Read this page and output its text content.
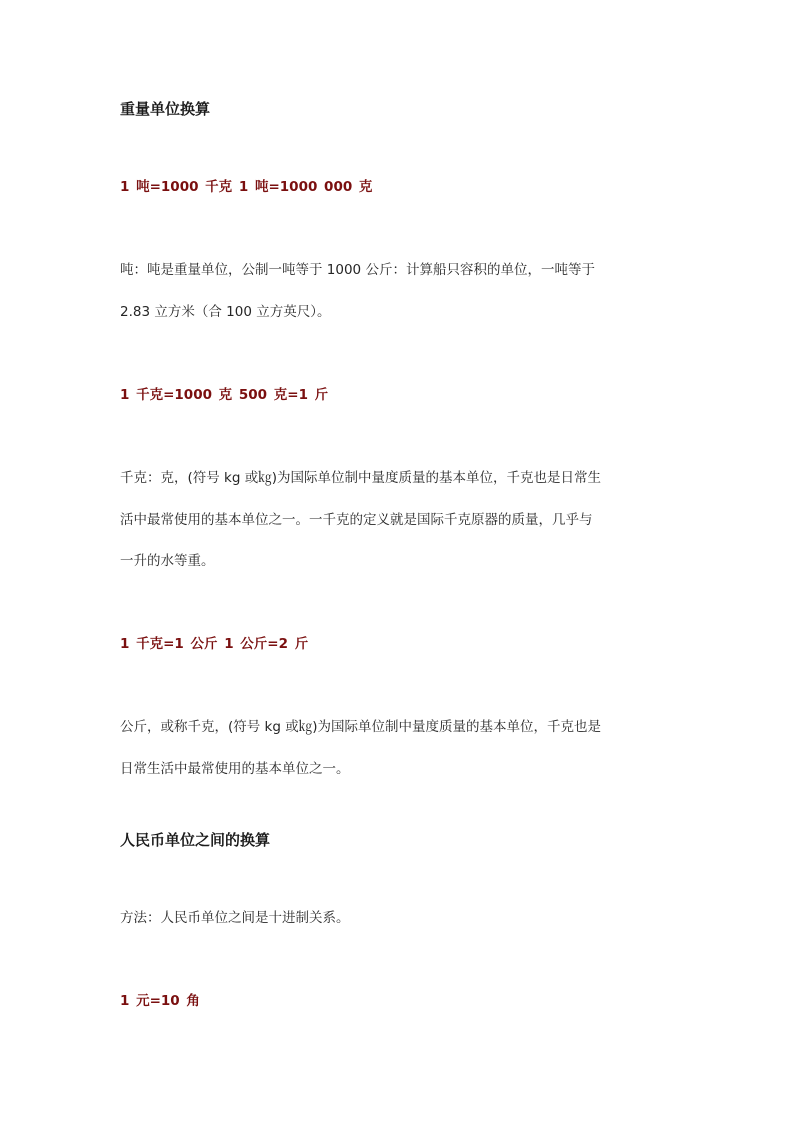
重量单位换算
1 吨=1000 千克 1 吨=1000 000 克
吨：吨是重量单位，公制一吨等于 1000 公斤：计算船只容积的单位，一吨等于
2.83 立方米（合 100 立方英尺）。
1 千克=1000 克 500 克=1 斤
千克：克，(符号 kg 或㎏)为国际单位制中量度质量的基本单位，千克也是日常生
活中最常使用的基本单位之一。一千克的定义就是国际千克原器的质量，几乎与
一升的水等重。
1 千克=1 公斤 1 公斤=2 斤
公斤，或称千克，(符号 kg 或㎏)为国际单位制中量度质量的基本单位，千克也是
日常生活中最常使用的基本单位之一。
人民币单位之间的换算
方法：人民币单位之间是十进制关系。
1 元=10 角
